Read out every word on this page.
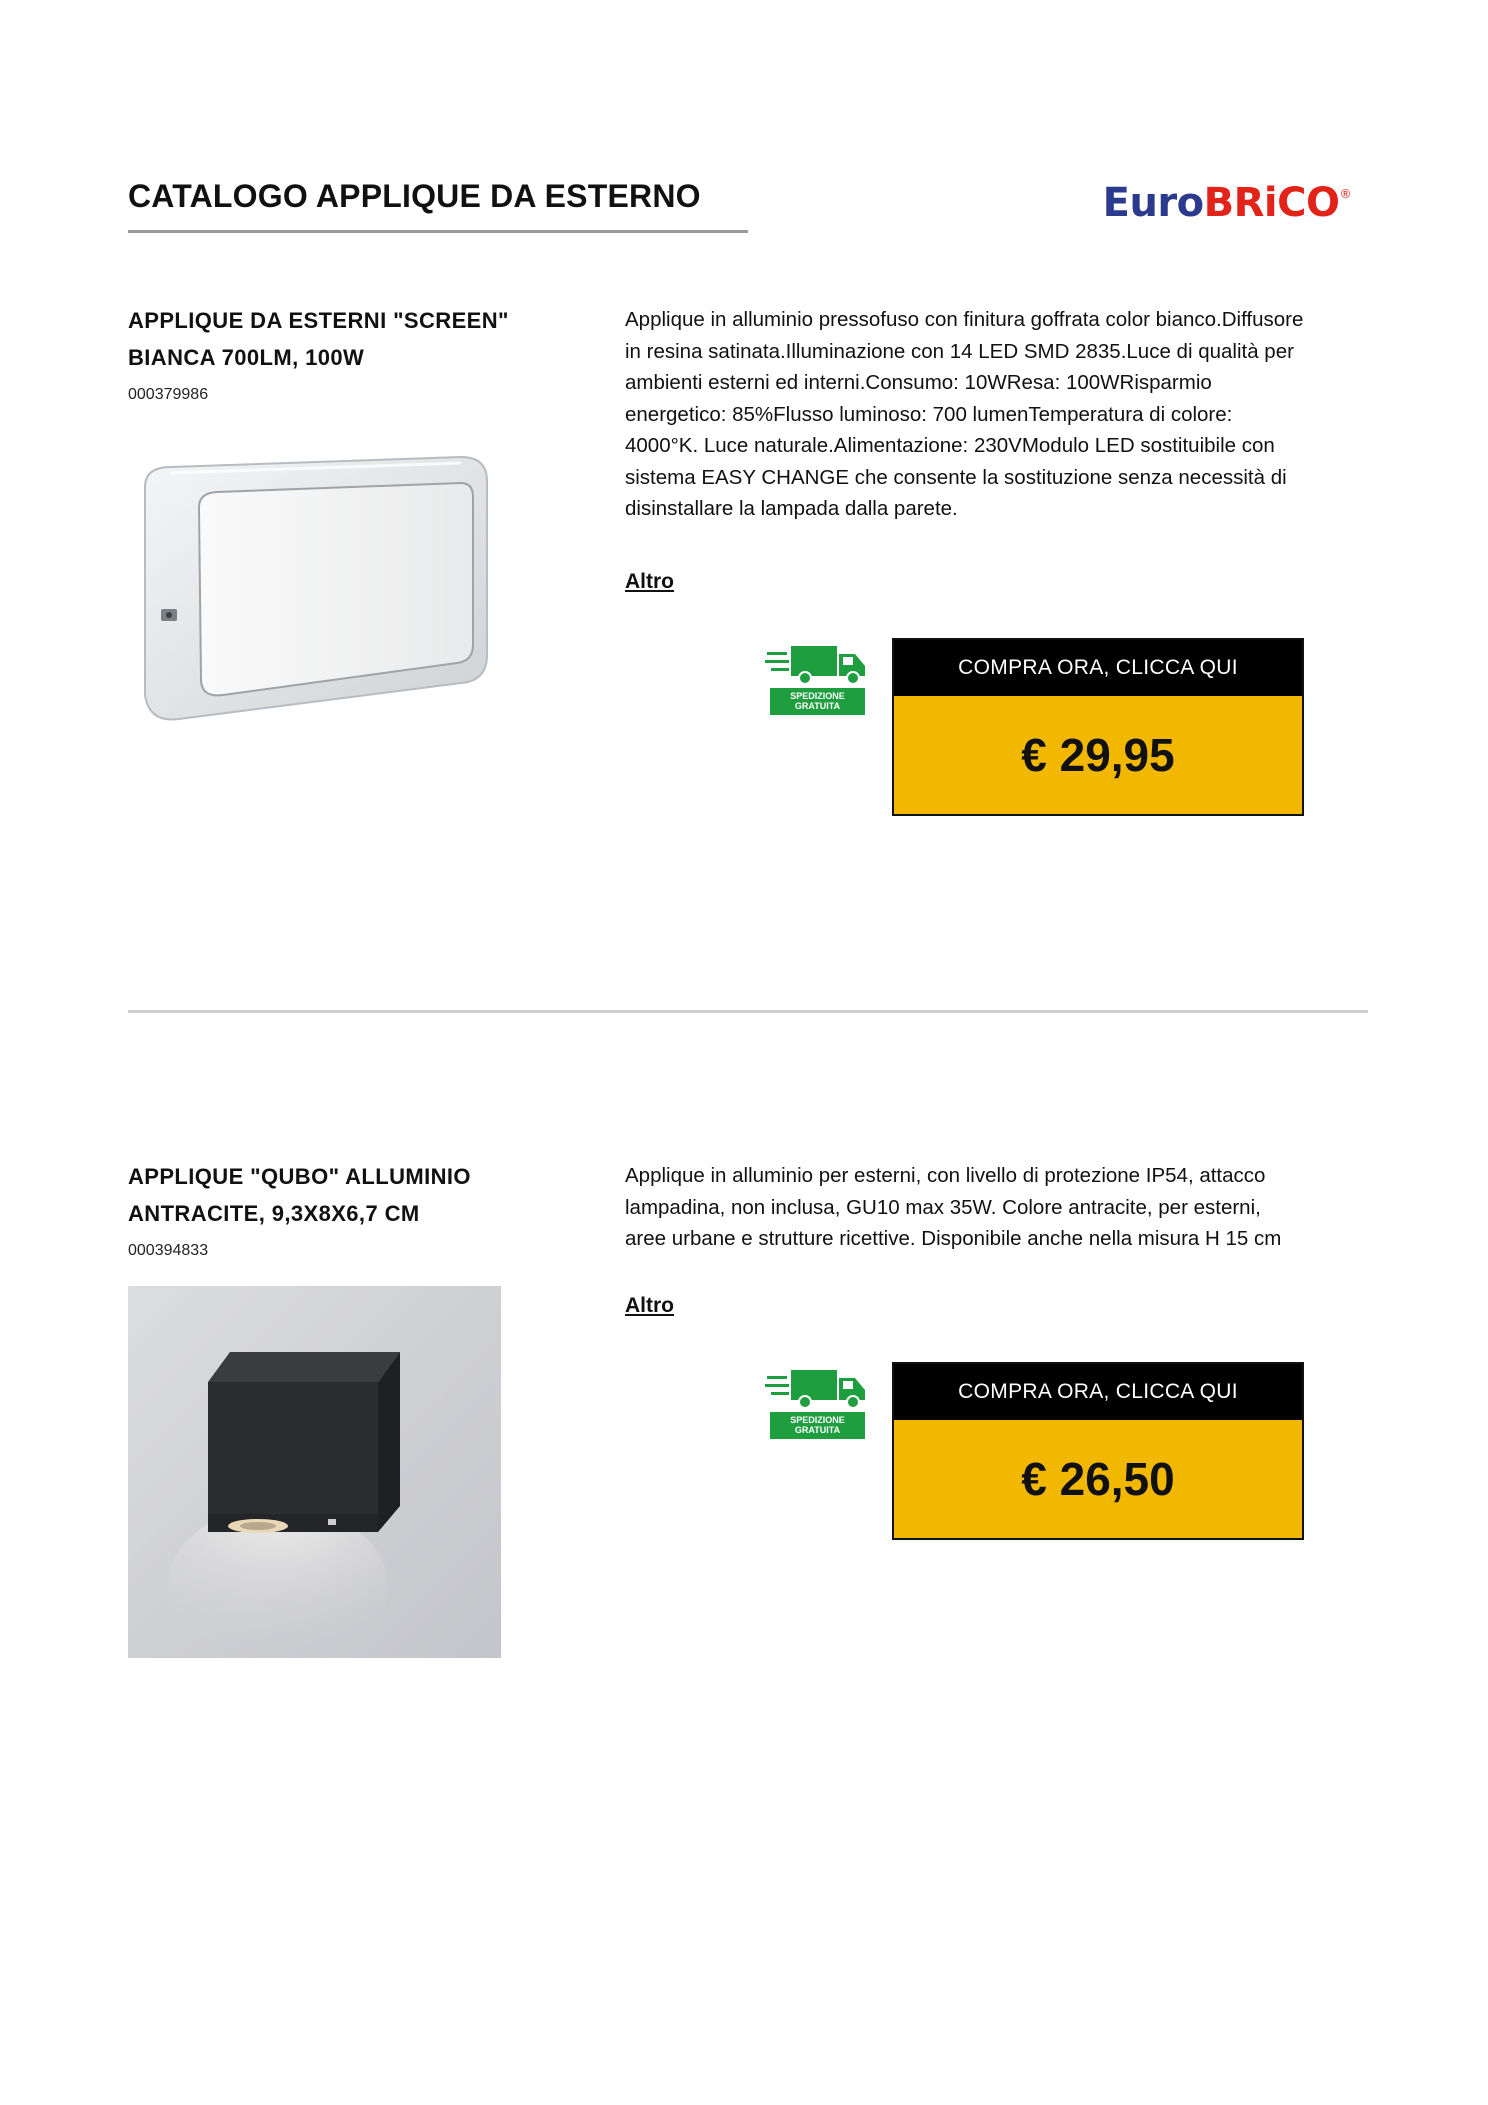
CATALOGO APPLIQUE DA ESTERNO	EuroBRiCO®
APPLIQUE DA ESTERNI "SCREEN" BIANCA 700LM, 100W
000379986
Applique in alluminio pressofuso con finitura goffrata color bianco.Diffusore in resina satinata.Illuminazione con 14 LED SMD 2835.Luce di qualità per ambienti esterni ed interni.Consumo: 10WResa: 100WRisparmio energetico: 85%Flusso luminoso: 700 lumenTemperatura di colore: 4000°K. Luce naturale.Alimentazione: 230VModulo LED sostituibile con sistema EASY CHANGE che consente la sostituzione senza necessità di disinstallare la lampada dalla parete.
Altro
SPEDIZIONE GRATUITA
COMPRA ORA, CLICCA QUI
€ 29,95
APPLIQUE "QUBO" ALLUMINIO ANTRACITE, 9,3X8X6,7 CM
000394833
Applique in alluminio per esterni, con livello di protezione IP54, attacco lampadina, non inclusa, GU10 max 35W. Colore antracite, per esterni, aree urbane e strutture ricettive. Disponibile anche nella misura H 15 cm
Altro
SPEDIZIONE GRATUITA
COMPRA ORA, CLICCA QUI
€ 26,50
